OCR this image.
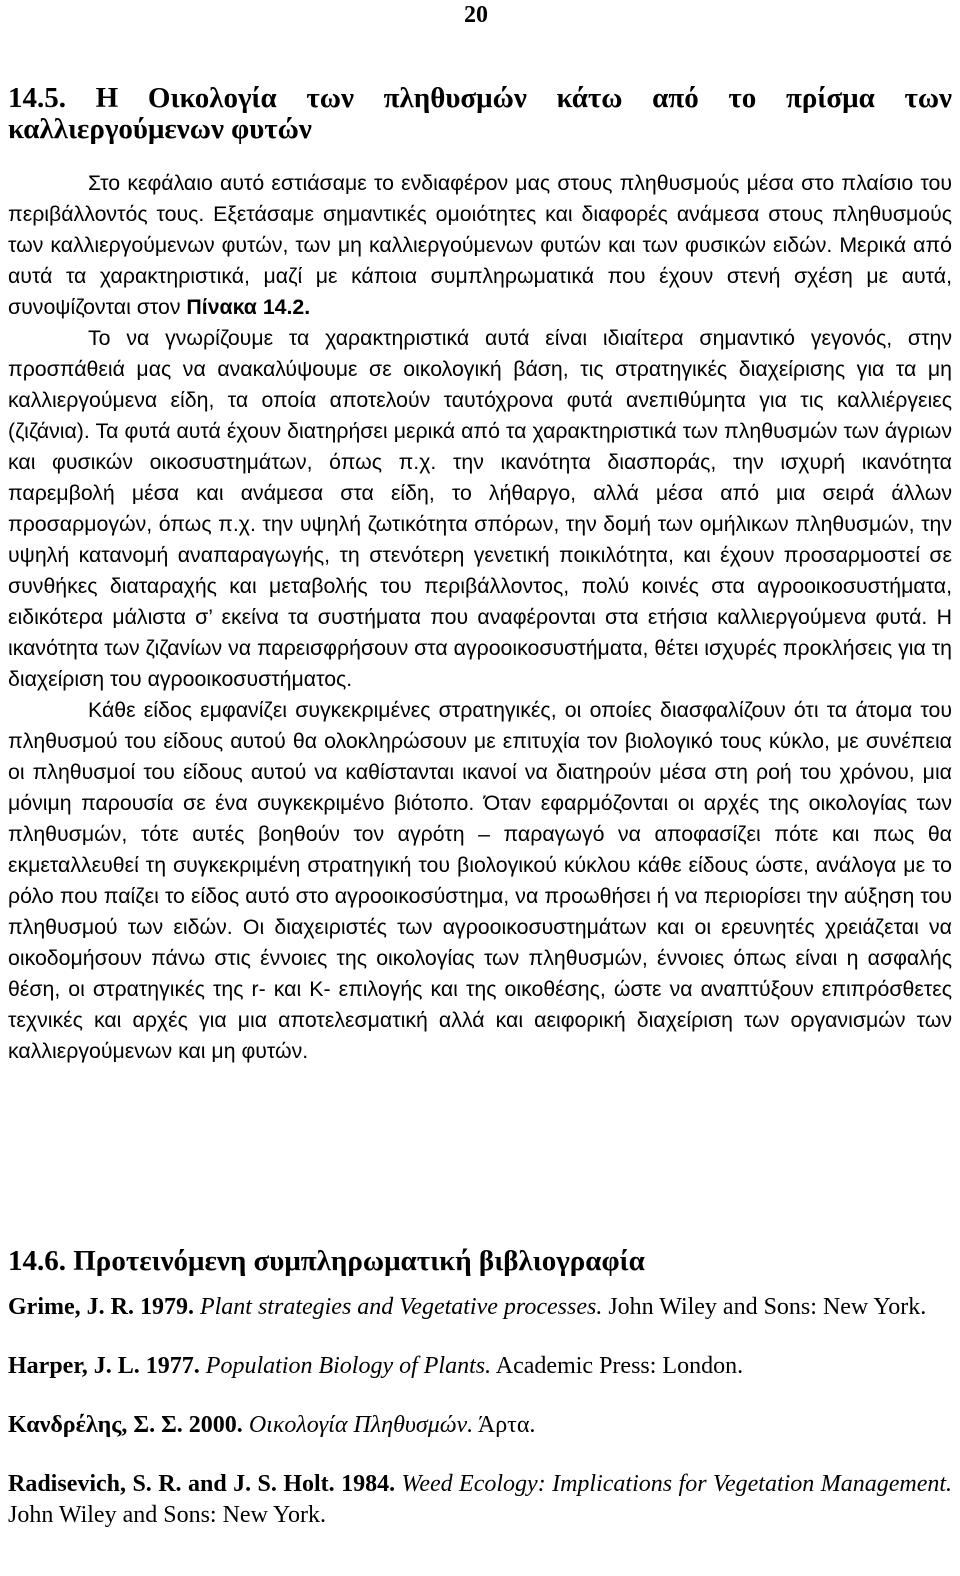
20
14.5. Η Οικολογία των πληθυσμών κάτω από το πρίσμα των καλλιεργούμενων φυτών

Στο κεφάλαιο αυτό εστιάσαμε το ενδιαφέρον μας στους πληθυσμούς μέσα στο πλαίσιο του περιβάλλοντός τους. Εξετάσαμε σημαντικές ομοιότητες και διαφορές ανάμεσα στους πληθυσμούς των καλλιεργούμενων φυτών, των μη καλλιεργούμενων φυτών και των φυσικών ειδών. Μερικά από αυτά τα χαρακτηριστικά, μαζί με κάποια συμπληρωματικά που έχουν στενή σχέση με αυτά, συνοψίζονται στον Πίνακα 14.2.

Το να γνωρίζουμε τα χαρακτηριστικά αυτά είναι ιδιαίτερα σημαντικό γεγονός, στην προσπάθειά μας να ανακαλύψουμε σε οικολογική βάση, τις στρατηγικές διαχείρισης για τα μη καλλιεργούμενα είδη, τα οποία αποτελούν ταυτόχρονα φυτά ανεπιθύμητα για τις καλλιέργειες (ζιζάνια). Τα φυτά αυτά έχουν διατηρήσει μερικά από τα χαρακτηριστικά των πληθυσμών των άγριων και φυσικών οικοσυστημάτων, όπως π.χ. την ικανότητα διασποράς, την ισχυρή ικανότητα παρεμβολή μέσα και ανάμεσα στα είδη, το λήθαργο, αλλά μέσα από μια σειρά άλλων προσαρμογών, όπως π.χ. την υψηλή ζωτικότητα σπόρων, την δομή των ομήλικων πληθυσμών, την υψηλή κατανομή αναπαραγωγής, τη στενότερη γενετική ποικιλότητα, και έχουν προσαρμοστεί σε συνθήκες διαταραχής και μεταβολής του περιβάλλοντος, πολύ κοινές στα αγροοικοσυστήματα, ειδικότερα μάλιστα σ’ εκείνα τα συστήματα που αναφέρονται στα ετήσια καλλιεργούμενα φυτά. Η ικανότητα των ζιζανίων να παρεισφρήσουν στα αγροοικοσυστήματα, θέτει ισχυρές προκλήσεις για τη διαχείριση του αγροοικοσυστήματος.

Κάθε είδος εμφανίζει συγκεκριμένες στρατηγικές, οι οποίες διασφαλίζουν ότι τα άτομα του πληθυσμού του είδους αυτού θα ολοκληρώσουν με επιτυχία τον βιολογικό τους κύκλο, με συνέπεια οι πληθυσμοί του είδους αυτού να καθίστανται ικανοί να διατηρούν μέσα στη ροή του χρόνου, μια μόνιμη παρουσία σε ένα συγκεκριμένο βιότοπο. Όταν εφαρμόζονται οι αρχές της οικολογίας των πληθυσμών, τότε αυτές βοηθούν τον αγρότη – παραγωγό να αποφασίζει πότε και πως θα εκμεταλλευθεί τη συγκεκριμένη στρατηγική του βιολογικού κύκλου κάθε είδους ώστε, ανάλογα με το ρόλο που παίζει το είδος αυτό στο αγροοικοσύστημα, να προωθήσει ή να περιορίσει την αύξηση του πληθυσμού των ειδών. Οι διαχειριστές των αγροοικοσυστημάτων και οι ερευνητές χρειάζεται να οικοδομήσουν πάνω στις έννοιες της οικολογίας των πληθυσμών, έννοιες όπως είναι η ασφαλής θέση, οι στρατηγικές της r- και K- επιλογής και της οικοθέσης, ώστε να αναπτύξουν επιπρόσθετες τεχνικές και αρχές για μια αποτελεσματική αλλά και αειφορική διαχείριση των οργανισμών των καλλιεργούμενων και μη φυτών.

14.6. Προτεινόμενη συμπληρωματική βιβλιογραφία

Grime, J. R. 1979. Plant strategies and Vegetative processes. John Wiley and Sons: New York.

Harper, J. L. 1977. Population Biology of Plants. Academic Press: London.

Κανδρέλης, Σ. Σ. 2000. Οικολογία Πληθυσμών. Άρτα.

Radisevich, S. R. and J. S. Holt. 1984. Weed Ecology: Implications for Vegetation Management. John Wiley and Sons: New York.
